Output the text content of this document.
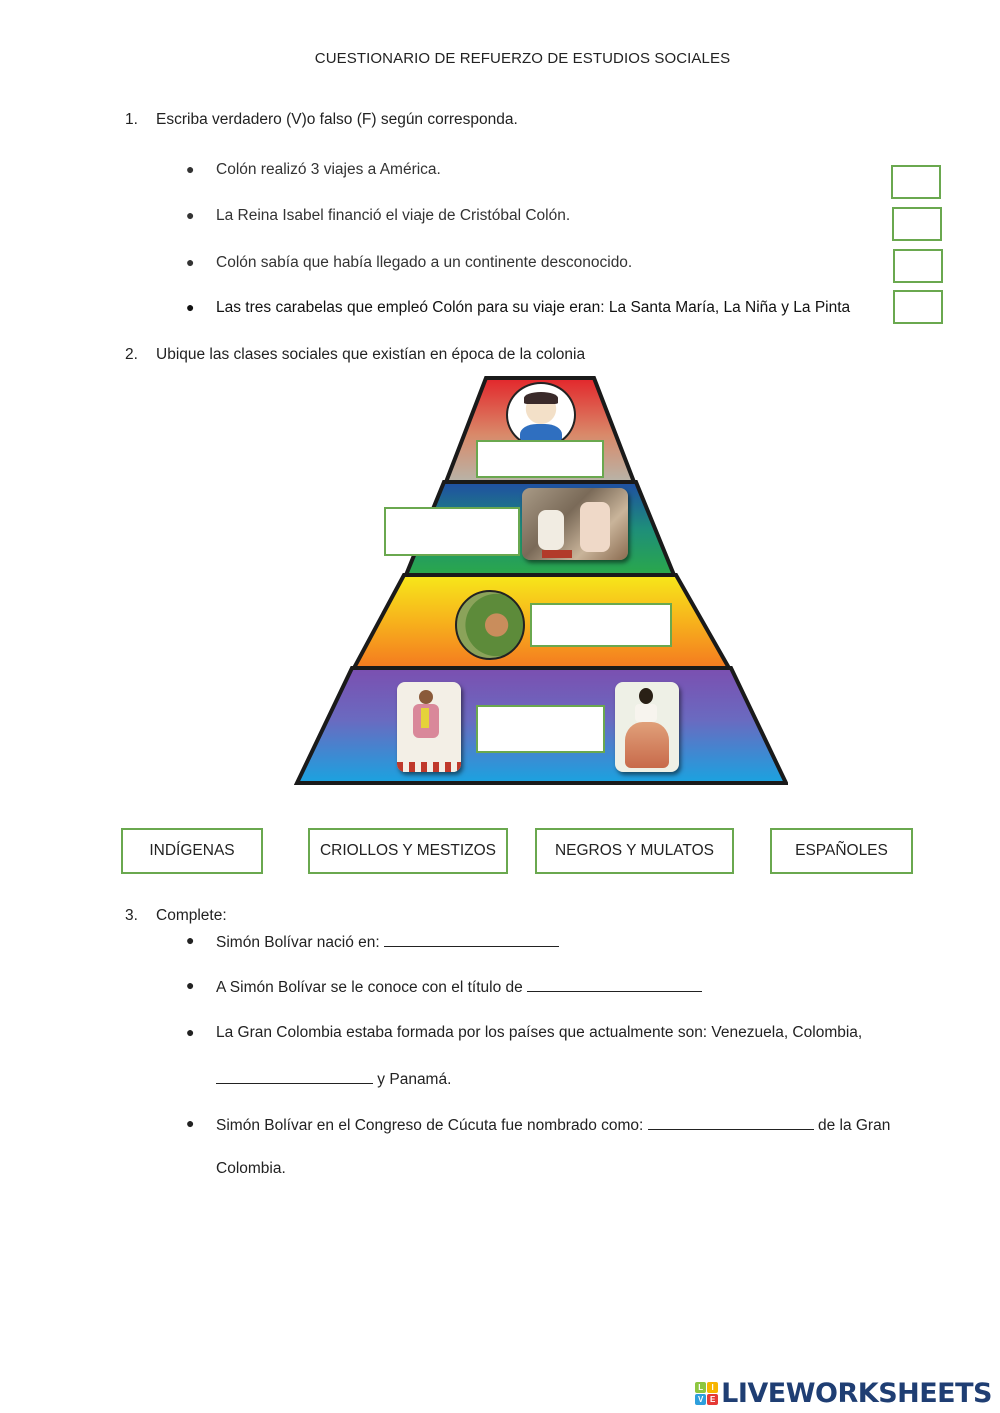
CUESTIONARIO DE REFUERZO DE ESTUDIOS SOCIALES
1. Escriba verdadero (V)o falso (F) según corresponda.
● Colón realizó 3 viajes a América.
● La Reina Isabel financió el viaje de Cristóbal Colón.
● Colón sabía que había llegado a un continente desconocido.
● Las tres carabelas que empleó Colón para su viaje eran: La Santa María, La Niña y La Pinta
2. Ubique las clases sociales que existían en época de la colonia
INDÍGENAS	CRIOLLOS Y MESTIZOS	NEGROS Y MULATOS	ESPAÑOLES
3. Complete:
● Simón Bolívar nació en:
● A Simón Bolívar se le conoce con el título de
● La Gran Colombia estaba formada por los países que actualmente son: Venezuela, Colombia,
y Panamá.
● Simón Bolívar en el Congreso de Cúcuta fue nombrado como:	de la Gran
Colombia.
L	I
V E LIVEWORKSHEETS
